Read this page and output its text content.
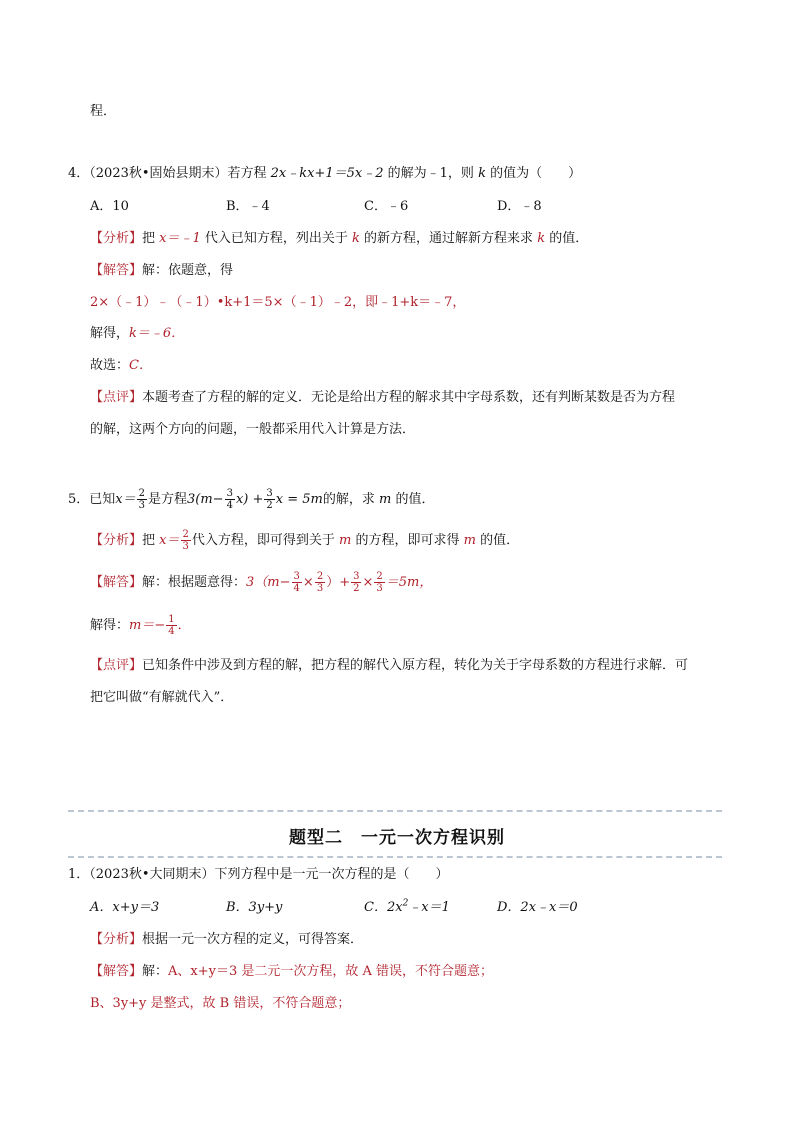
程．
4．（2023秋•固始县期末）若方程 2x﹣kx+1＝5x﹣2 的解为﹣1，则 k 的值为（　　）
A．10	B．﹣4	C．﹣6	D．﹣8
【分析】把 x＝﹣1 代入已知方程，列出关于 k 的新方程，通过解新方程来求 k 的值．
【解答】解：依题意，得
2×（﹣1）﹣（﹣1）•k+1＝5×（﹣1）﹣2，即﹣1+k＝﹣7，
解得，k＝﹣6．
故选：C．
【点评】本题考查了方程的解的定义．无论是给出方程的解求其中字母系数，还有判断某数是否为方程
的解，这两个方向的问题，一般都采用代入计算是方法．
5．已知$x= \frac{2}{3}$ 是方程$3(m- \frac{3}{4} x) + \frac{3}{2}$ x = 5m的解，求 m 的值．
【分析】把 $x= \frac{2}{3}$ 代入方程，即可得到关于 m 的方程，即可求得 m 的值．
【解答】解：根据题意得：$3(m- \frac{3}{4} \times \frac{2}{3}$ ）+ $\frac{3}{2} \times \frac{2}{3} =5m$，
解得：$m=- \frac{1}{4}$ ．
【点评】已知条件中涉及到方程的解，把方程的解代入原方程，转化为关于字母系数的方程进行求解．可
把它叫做“有解就代入”．
题型二　一元一次方程识别
1．（2023秋•大同期末）下列方程中是一元一次方程的是（　　）
A．x+y＝3	B．3y+y	C．$2x^2﹣x=1$	D．2x﹣x＝0
【分析】根据一元一次方程的定义，可得答案．
【解答】解：A、x+y＝3 是二元一次方程，故 A 错误，不符合题意；
B、3y+y 是整式，故 B 错误，不符合题意；
